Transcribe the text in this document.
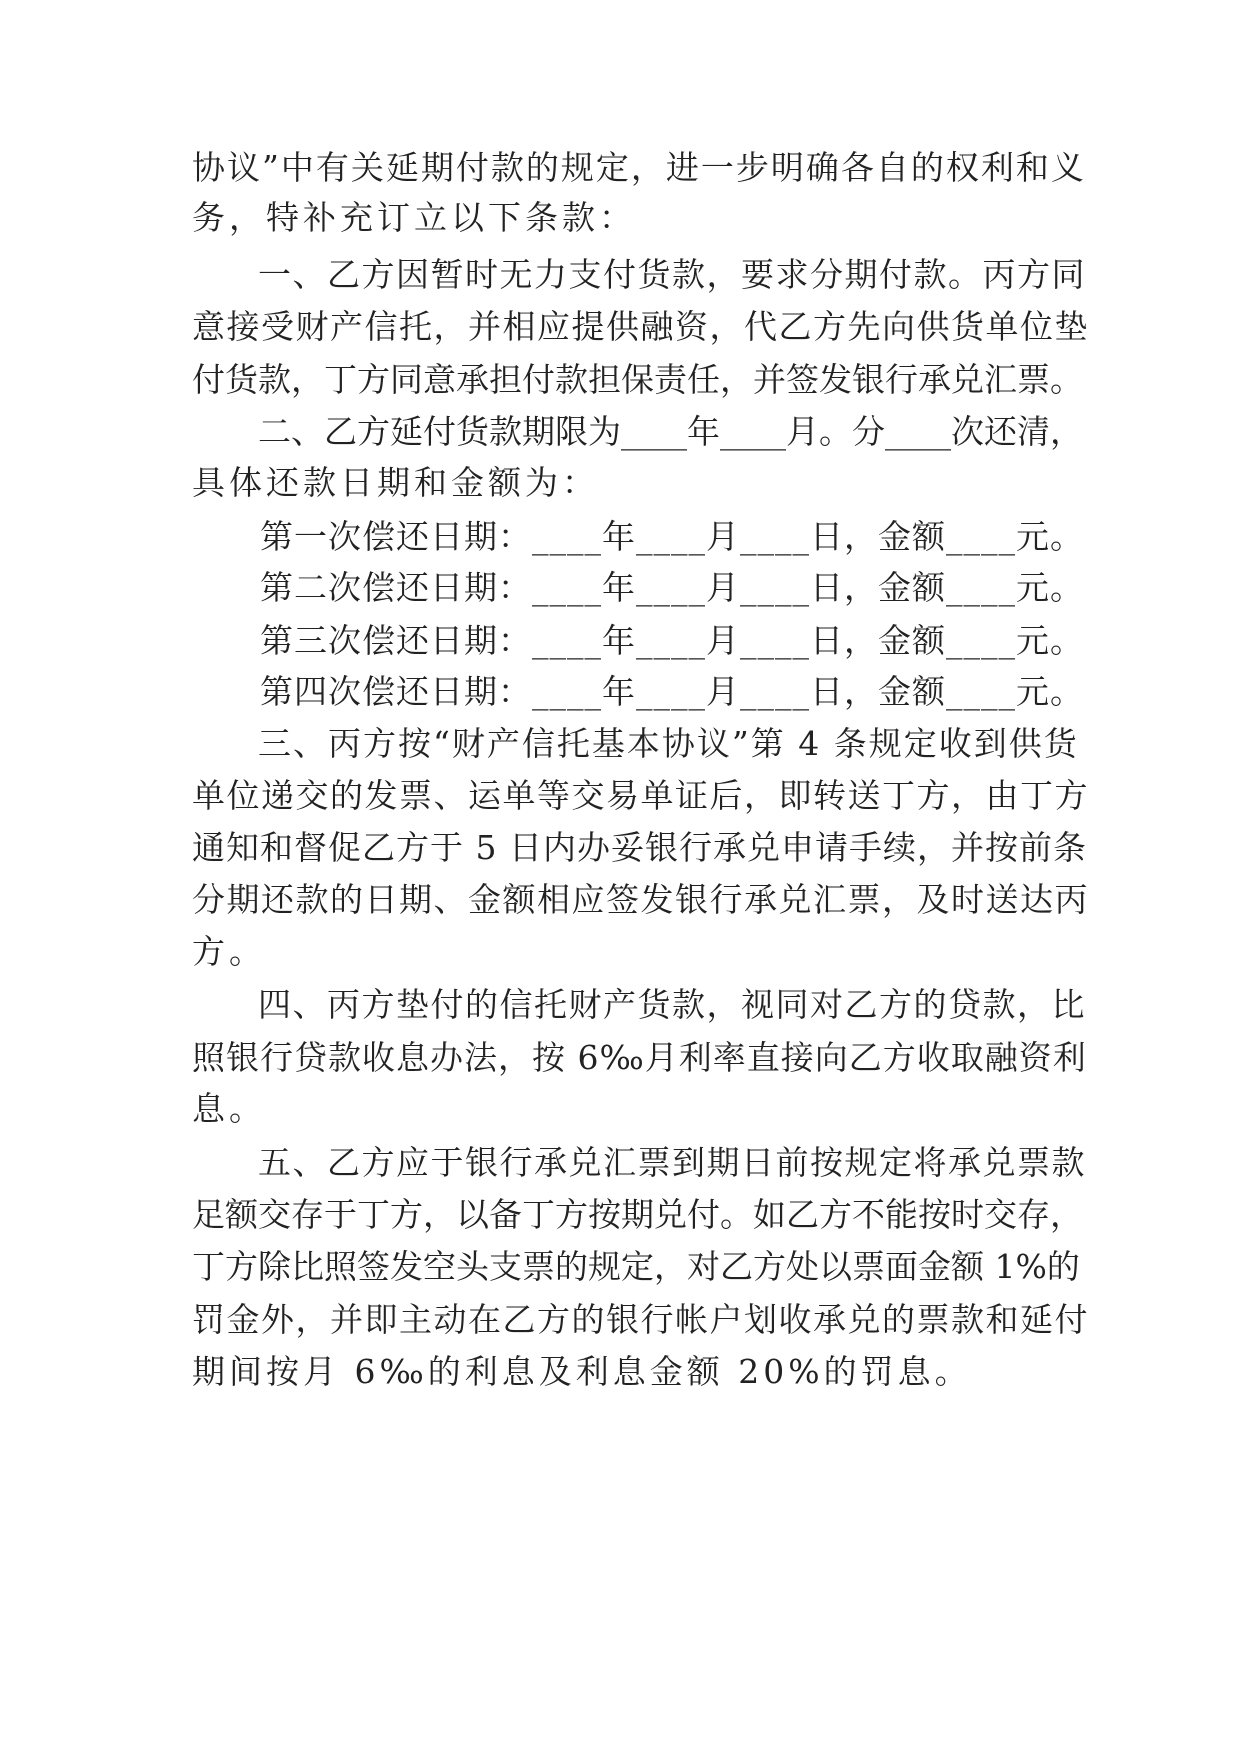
协议”中有关延期付款的规定，进一步明确各自的权利和义
务，特补充订立以下条款：
一、乙方因暂时无力支付货款，要求分期付款。丙方同
意接受财产信托，并相应提供融资，代乙方先向供货单位垫
付货款，丁方同意承担付款担保责任，并签发银行承兑汇票。
二、乙方延付货款期限为____年____月。分____次还清，
具体还款日期和金额为：
第一次偿还日期：____年____月____日，金额____元。
第二次偿还日期：____年____月____日，金额____元。
第三次偿还日期：____年____月____日，金额____元。
第四次偿还日期：____年____月____日，金额____元。
三、丙方按“财产信托基本协议”第 4 条规定收到供货
单位递交的发票、运单等交易单证后，即转送丁方，由丁方
通知和督促乙方于 5 日内办妥银行承兑申请手续，并按前条
分期还款的日期、金额相应签发银行承兑汇票，及时送达丙
方。
四、丙方垫付的信托财产货款，视同对乙方的贷款，比
照银行贷款收息办法，按 6‰月利率直接向乙方收取融资利
息。
五、乙方应于银行承兑汇票到期日前按规定将承兑票款
足额交存于丁方，以备丁方按期兑付。如乙方不能按时交存，
丁方除比照签发空头支票的规定，对乙方处以票面金额 1%的
罚金外，并即主动在乙方的银行帐户划收承兑的票款和延付
期间按月 6‰的利息及利息金额 20%的罚息。
